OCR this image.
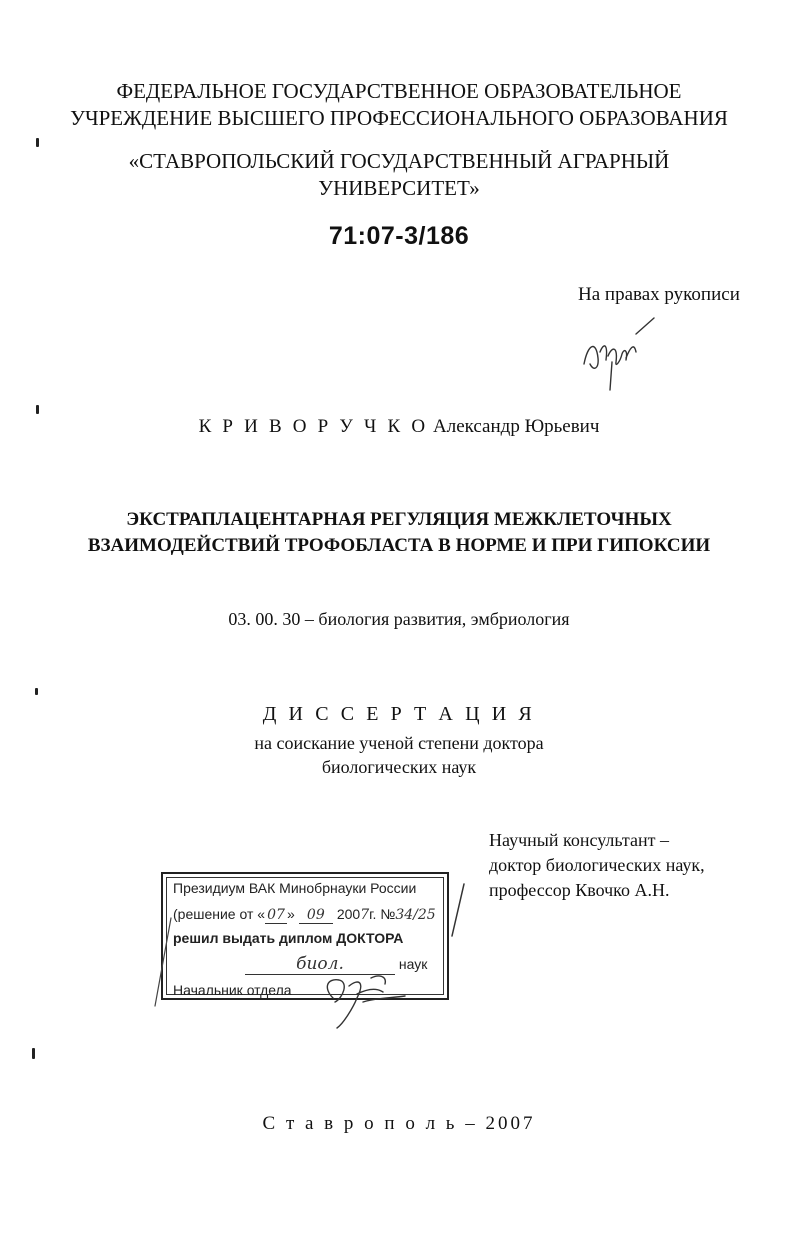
ФЕДЕРАЛЬНОЕ ГОСУДАРСТВЕННОЕ ОБРАЗОВАТЕЛЬНОЕ
УЧРЕЖДЕНИЕ ВЫСШЕГО ПРОФЕССИОНАЛЬНОГО ОБРАЗОВАНИЯ
«СТАВРОПОЛЬСКИЙ ГОСУДАРСТВЕННЫЙ АГРАРНЫЙ
УНИВЕРСИТЕТ»
71:07-3/186
На правах рукописи
К Р И В О Р У Ч К О Александр Юрьевич
ЭКСТРАПЛАЦЕНТАРНАЯ РЕГУЛЯЦИЯ МЕЖКЛЕТОЧНЫХ
ВЗАИМОДЕЙСТВИЙ ТРОФОБЛАСТА В НОРМЕ И ПРИ ГИПОКСИИ
03. 00. 30 – биология развития, эмбриология
Д И С С Е Р Т А Ц И Я
на соискание ученой степени доктора
биологических наук
Научный консультант –
доктор биологических наук,
профессор Квочко А.Н.
Президиум ВАК Минобрнауки России
(решение от « 07 » 09 2007г. №34/25
решил выдать диплом ДОКТОРА
биол.	наук
Начальник отдела
С т а в р о п о л ь – 2007
